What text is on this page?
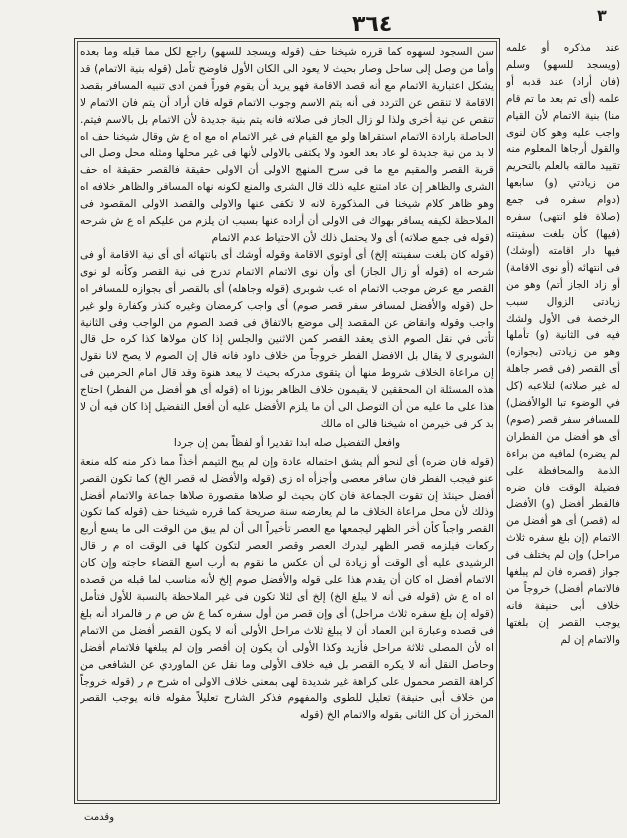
٣٦٤	٣

سن السجود لسهوه كما قرره شيخنا حف (قوله ويسجد للسهو) راجع لكل مما قبله وما بعده وأما من وصل إلى ساحل وصار بحيث لا يعود الى الكان الأول فاوضح تأمل (قوله بنية الاتمام) قد يشكل اعتبارية الاتمام مع أنه قصد الاقامة فهو يريد أن يقوم فوراً فمن ادى تنبيه المسافر بقصد الاقامة لا تنقص عن التردد فى أنه يتم الاسم وجوب الاتمام قوله فان أراد أن يتم فان الاتمام لا تنقص عن نية أخرى ولذا لو زال الجاز فى صلاته فانه يتم بنية جديدة لأن الاتمام بل بالاسم فيتم. الحاصلة بارادة الاتمام استقراها ولو مع القيام فى غير الاتمام اه مع اه ع ش وقال شيخنا حف اه لا بد من نية جديدة لو عاد بعد العود ولا يكتفى بالاولى لأنها فى غير محلها ومثله محل وصل الى قربة القصر والمقيم مع ما فى سرح المنهج الاولى أن الاولى حقيقة فالقصر حقيقة اه حف الشرى والظاهر إن عاد امتنع عليه ذلك قال الشرى والمنع لكونه نهاه المسافر والظاهر خلافه اه وهو ظاهر كلام شيخنا فى المذكورة لانه لا تكفى عنها والاولى والقصد الاولى المقصود فى الملاحظة لكيفه يسافر بهواك فى الاولى أن أراده عنها بسبب ان يلزم من عليكم اه ع ش شرحه (قوله فى جمع صلاته) أى ولا يحتمل ذلك لأن الاحتياط عدم الاتمام

(قوله كان بلغت سفينته إلخ) أى أوتوى الاقامة وقوله أوشك أى بانتهائه أى أى نية الاقامة أو فى شرحه اه (قوله أو زال الجاز) أى وأن نوى الاتمام الاتمام تدرج فى نية القصر وكأنه لو نوى القصر مع عرض موجب الاتمام اه عب شوبرى (قوله وجاهله) أى بالقصر أى بجوازه للمسافر اه حل (قوله والأفضل لمسافر سفر قصر صوم) أى واجب كرمضان وغيره كنذر وكفارة ولو غير واجب وقوله وانقاض عن المقصد إلى موضع بالاتفاق فى قصد الصوم من الواجب وفى الثانية تأتى في نقل الصوم الذى يعقد القصر كمن الاثنين والجلس إذا كان مولاها كذا كره حل قال الشوبرى لا يقال بل الافضل الفطر خروجاً من خلاف داود فانه قال إن الصوم لا يصح لانا نقول إن مراعاة الخلاف شروط منها أن يتقوى مدركه بحيث لا يبعد هنوة وقد قال امام الحرمين فى هذه المسئلة ان المحققين لا يقيمون خلاف الظاهر بوزنا اه (قوله أى هو أفضل من الفطر) احتاج هذا على ما عليه من أن التوصل الى أن ما يلزم الأفضل عليه أن أفعل التفضيل إذا كان فيه أن لا بد كر فى خيرمن اه شيخنا فالى اه مالك

وافعل التفضيل صله ابدا تقديرا أو لفظاً بمن إن جردا

(قوله فان ضره) أى لنحو ألم يشق احتماله عادة وإن لم يبح التيمم أخذاً مما ذكر منه كله منعة عنو فيجب الفطر فان سافر معصى وأجزأه اه زى (قوله والأفضل له قصر الخ) كما تكون القصر أفضل حينئذ إن تقوت الجماعة فان كان بحيث لو صلاها مقصورة صلاها جماعة والاتمام أفضل وذلك لأن محل مراعاة الخلاف ما لم يعارضه سنة صريحة كما قرره شيخنا حف (قوله كما تكون القصر واجباً كأن أخر الظهر ليجمعها مع العصر تأخيراً الى أن لم يبق من الوقت الى ما يسع أربع ركعات فيلزمه قصر الظهر ليدرك العصر وقصر العصر لتكون كلها فى الوقت اه م ر قال الرشيدى عليه أى الوقت أو زيادة لى أن عكس ما نقوم به أرب اسع القضاء حاجته وإن كان الاتمام أفضل اه كان أن يقدم هذا على قوله والأفضل صوم إلخ لأنه مناسب لما قبله من قصده اه اه ع ش (قوله فى أنه لا يبلغ الخ) إلخ أى لئلا تكون فى غير الملاحظة بالنسبة للأول فتأمل (قوله إن بلغ سفره ثلاث مراحل) أى وإن قصر من أول سفره كما ع ش ص م ر فالمراد أنه بلغ فى قصده وعبارة ابن العماد أن لا يبلغ ثلاث مراحل الأولى أنه لا يكون القصر أفضل من الاتمام اه لأن المصلى ثلاثة مراحل فأزيد وكذا الأولى أن يكون إن أقصر وإن لم يبلغها فلاتمام أفضل وحاصل النقل أنه لا يكره القصر بل فيه خلاف الأولى وما نقل عن الماوردي عن الشافعى من كراهة القصر محمول على كراهة غير شديدة لهى بمعنى خلاف الاولى اه شرح م ر (قوله خروجاً من خلاف أبى حنيفة) تعليل للطوى والمفهوم فذكر الشارح تعليلاً مقوله فانه يوجب القصر المخرز أن كل الثانى بقوله والاتمام الخ (قوله

عند مذكره أو علمه (ويسجد للسهو) وسلم (فان أراد) عند قدبه أو علمه (أى تم بعد ما تم قام منا) بنية الاتمام لأن القيام واجب عليه وهو كان لنوى والقول أرجاها المعلوم منه تقييد مالقه بالعلم بالتحريم من زيادتي (و) سابعها (دوام سفره فى جمع (صلاة فلو انتهى) سفره (فيها) كأن بلغت سفينته فيها دار اقامته (أوشك) فى انتهائه (أو نوى الاقامة) أو زاد الجاز أتم) وهو من زيادتى الزوال سبب الرخصة فى الأول ولشك فيه فى الثانية (و) تأملها وهو من زيادتى (بجوازه) أى القصر (فى قصر جاهلة له غير صلاته) لتلاعبه (كل في الوضوء تبا الوالأفضل) للمسافر سفر قصر (صوم) أى هو أفضل من الفطران لم يضره) لمافيه من براءة الذمة والمحافظة على فضيلة الوقت فان ضره فالفطر أفضل (و) الأفضل له (قصر) أى هو أفضل من الاتمام (إن بلغ سفره ثلاث مراحل) وإن لم يختلف فى جواز (قصره فان لم يبلغها فالاتمام أفضل) خروجاً من خلاف أبى حنيفة فانه يوجب القصر إن بلغتها والاتمام إن لم

وقدمت
